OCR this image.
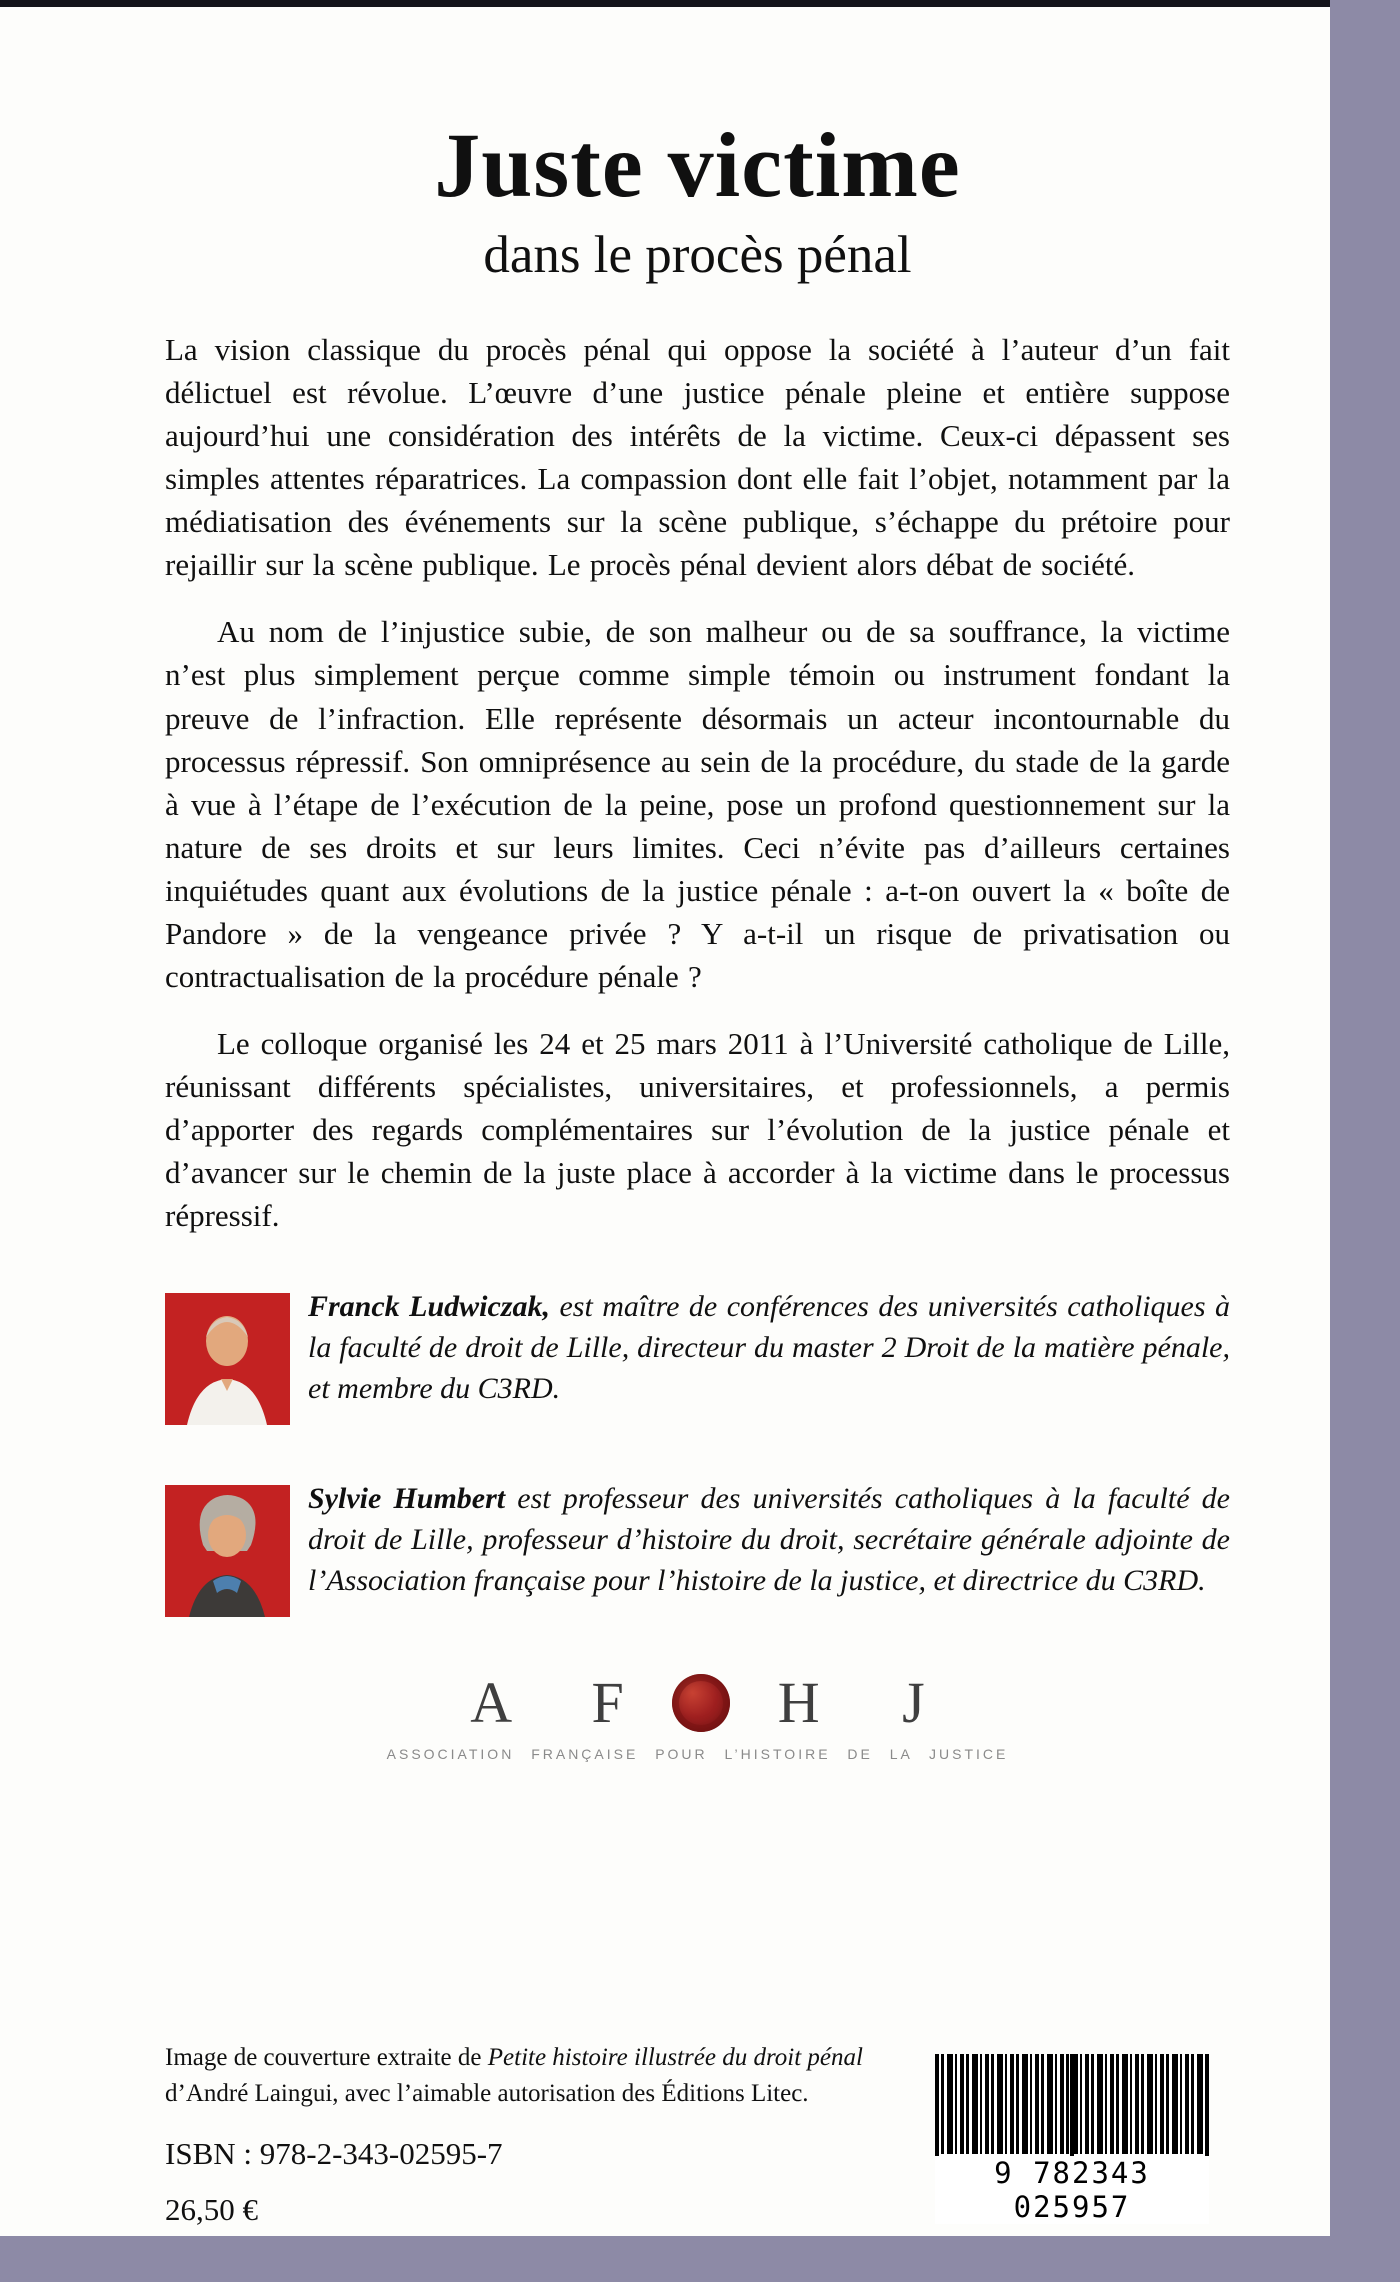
Juste victime
dans le procès pénal

La vision classique du procès pénal qui oppose la société à l’auteur d’un fait délictuel est révolue. L’œuvre d’une justice pénale pleine et entière suppose aujourd’hui une considération des intérêts de la victime. Ceux-ci dépassent ses simples attentes réparatrices. La compassion dont elle fait l’objet, notamment par la médiatisation des événements sur la scène publique, s’échappe du prétoire pour rejaillir sur la scène publique. Le procès pénal devient alors débat de société.

Au nom de l’injustice subie, de son malheur ou de sa souffrance, la victime n’est plus simplement perçue comme simple témoin ou instrument fondant la preuve de l’infraction. Elle représente désormais un acteur incontournable du processus répressif. Son omniprésence au sein de la procédure, du stade de la garde à vue à l’étape de l’exécution de la peine, pose un profond questionnement sur la nature de ses droits et sur leurs limites. Ceci n’évite pas d’ailleurs certaines inquiétudes quant aux évolutions de la justice pénale : a-t-on ouvert la « boîte de Pandore » de la vengeance privée ? Y a-t-il un risque de privatisation ou contractualisation de la procédure pénale ?

Le colloque organisé les 24 et 25 mars 2011 à l’Université catholique de Lille, réunissant différents spécialistes, universitaires, et professionnels, a permis d’apporter des regards complémentaires sur l’évolution de la justice pénale et d’avancer sur le chemin de la juste place à accorder à la victime dans le processus répressif.

Franck Ludwiczak, est maître de conférences des universités catholiques à la faculté de droit de Lille, directeur du master 2 Droit de la matière pénale, et membre du C3RD.
Sylvie Humbert est professeur des universités catholiques à la faculté de droit de Lille, professeur d’histoire du droit, secrétaire générale adjointe de l’Association française pour l’histoire de la justice, et directrice du C3RD.
A F	H J
ASSOCIATION FRANÇAISE POUR L’HISTOIRE DE LA JUSTICE

Image de couverture extraite de Petite histoire illustrée du droit pénal d’André Laingui, avec l’aimable autorisation des Éditions Litec.

ISBN : 978-2-343-02595-7

26,50 €

9 782343 025957
